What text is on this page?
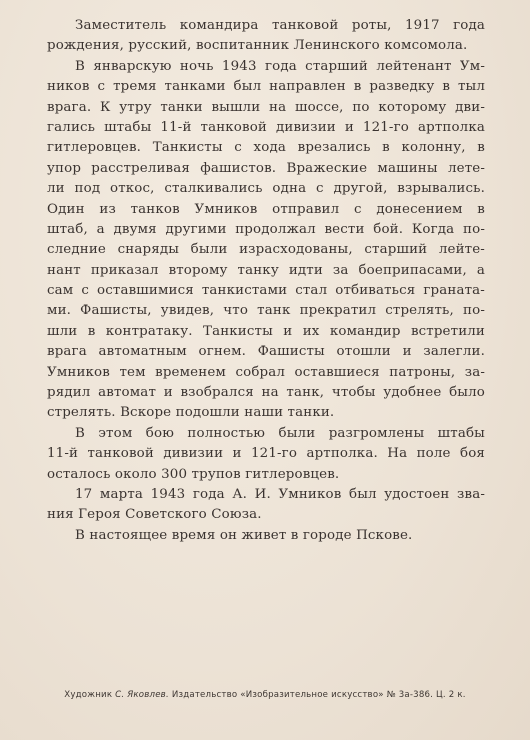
Заместитель командира танковой роты, 1917 года
рождения, русский, воспитанник Ленинского комсомола.
В январскую ночь 1943 года старший лейтенант Ум-
ников с тремя танками был направлен в разведку в тыл
врага. К утру танки вышли на шоссе, по которому дви-
гались штабы 11-й танковой дивизии и 121-го артполка
гитлеровцев. Танкисты с хода врезались в колонну, в
упор расстреливая фашистов. Вражеские машины лете-
ли под откос, сталкивались одна с другой, взрывались.
Один из танков Умников отправил с донесением в
штаб, а двумя другими продолжал вести бой. Когда по-
следние снаряды были израсходованы, старший лейте-
нант приказал второму танку идти за боеприпасами, а
сам с оставшимися танкистами стал отбиваться граната-
ми. Фашисты, увидев, что танк прекратил стрелять, по-
шли в контратаку. Танкисты и их командир встретили
врага автоматным огнем. Фашисты отошли и залегли.
Умников тем временем собрал оставшиеся патроны, за-
рядил автомат и взобрался на танк, чтобы удобнее было
стрелять. Вскоре подошли наши танки.
В этом бою полностью были разгромлены штабы
11-й танковой дивизии и 121-го артполка. На поле боя
осталось около 300 трупов гитлеровцев.
17 марта 1943 года А. И. Умников был удостоен зва-
ния Героя Советского Союза.
В настоящее время он живет в городе Пскове.
Художник С. Яковлев. Издательство «Изобразительное искусство» № 3а-386. Ц. 2 к.
